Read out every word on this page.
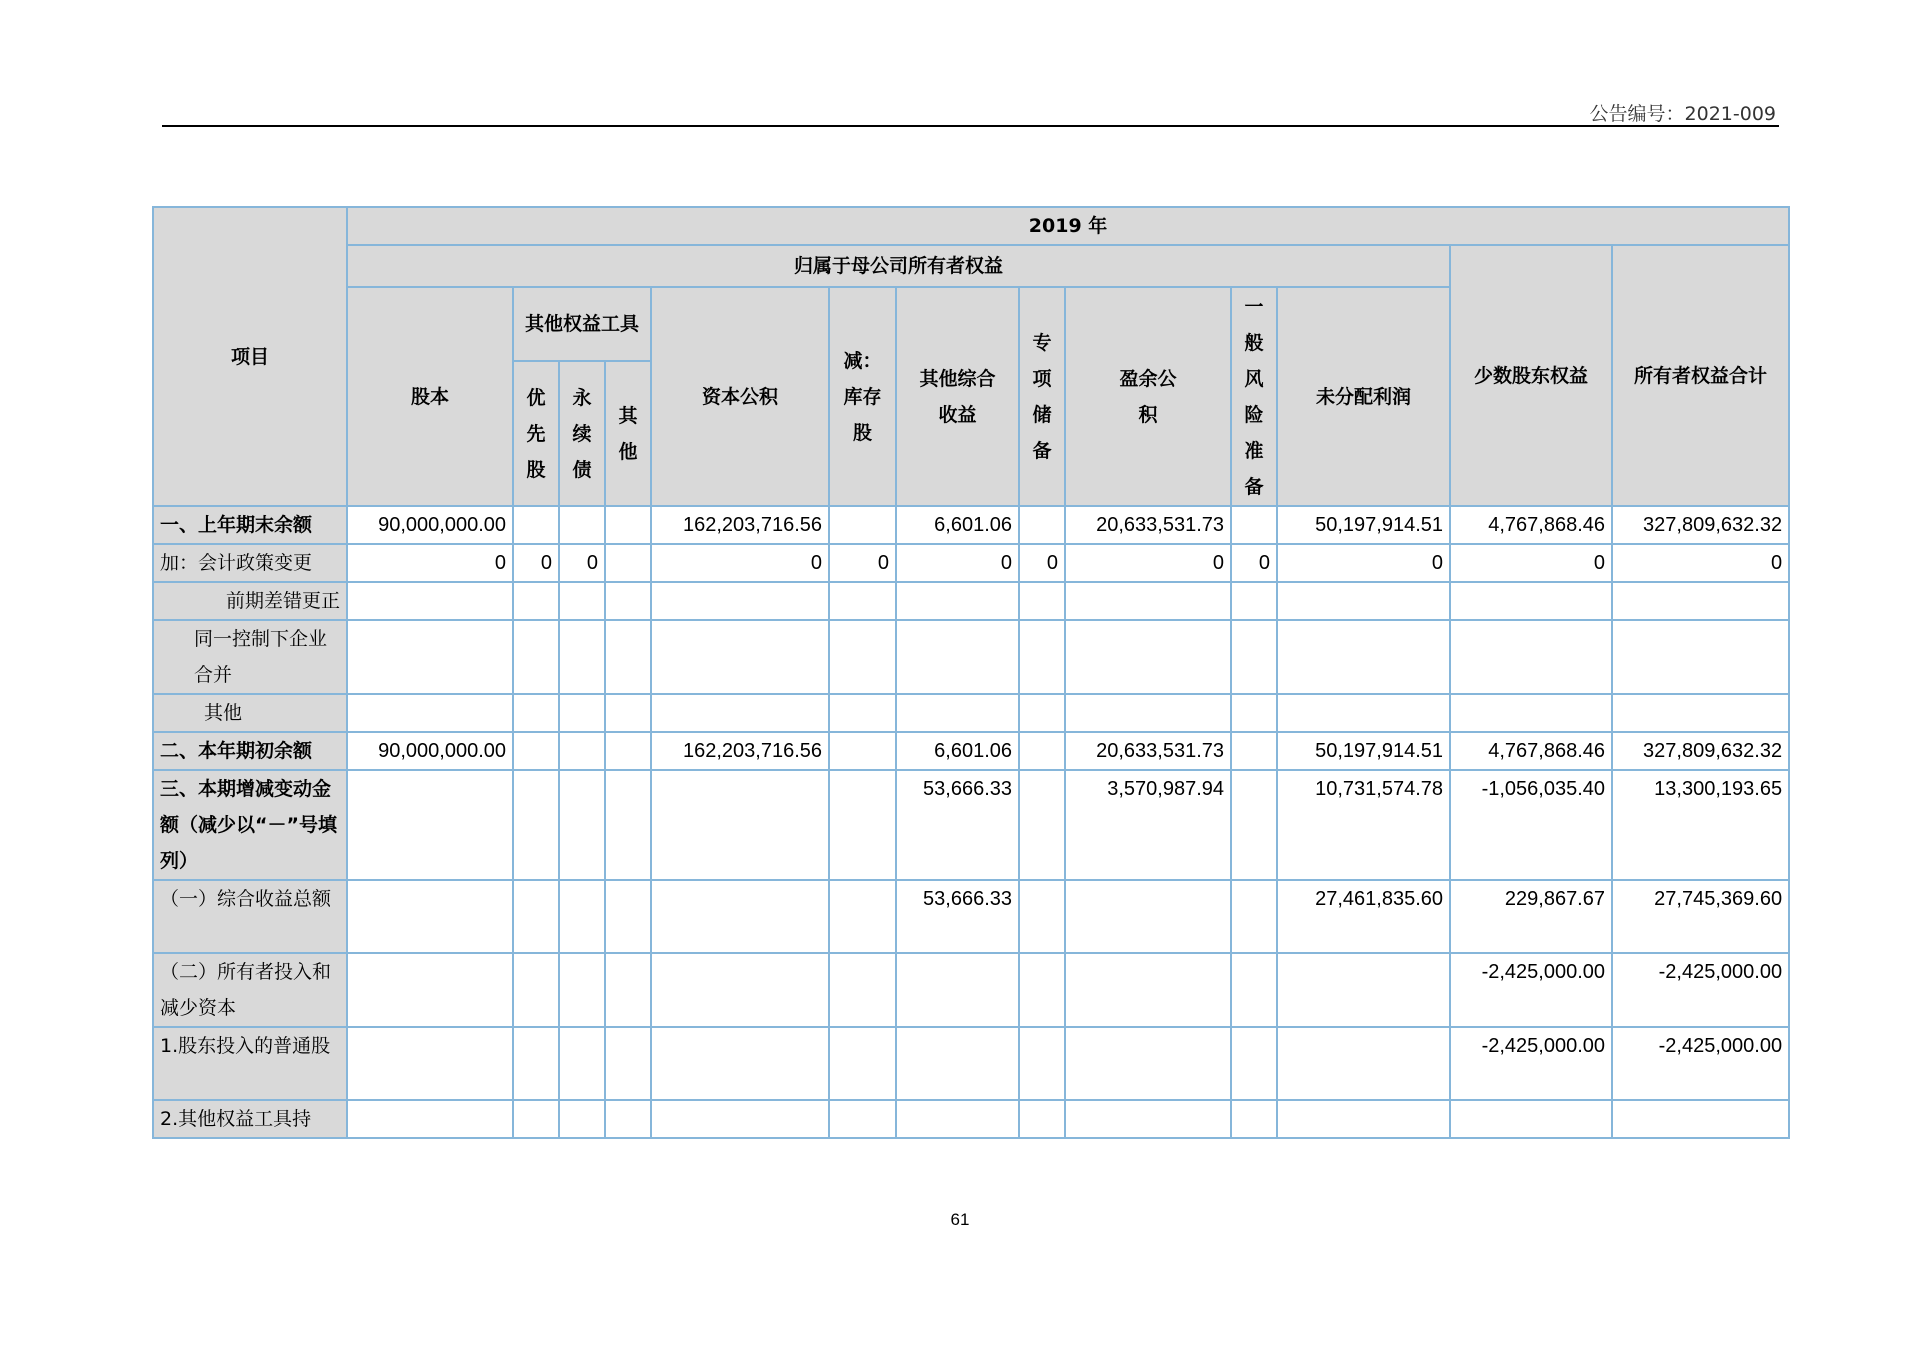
公告编号：2021-009
项目	2019 年												
	归属于母公司所有者权益											少数股东权益	所有者权益合计
	股本	其他权益工具			资本公积	减：库存股	其他综合收益	专项储备	盈余公积	一般风险准备	未分配利润		
		优先股	永续债	其他									
一、上年期末余额	90,000,000.00				162,203,716.56		6,601.06		20,633,531.73		50,197,914.51	4,767,868.46	327,809,632.32
加：会计政策变更	0	0	0		0	0	0	0	0	0	0	0	0
前期差错更正													
同一控制下企业合并													
其他													
二、本年期初余额	90,000,000.00				162,203,716.56		6,601.06		20,633,531.73		50,197,914.51	4,767,868.46	327,809,632.32
三、本期增减变动金额（减少以“－”号填列）							53,666.33		3,570,987.94		10,731,574.78	-1,056,035.40	13,300,193.65
（一）综合收益总额							53,666.33				27,461,835.60	229,867.67	27,745,369.60
（二）所有者投入和减少资本												-2,425,000.00	-2,425,000.00
1.股东投入的普通股												-2,425,000.00	-2,425,000.00
2.其他权益工具持													
61
